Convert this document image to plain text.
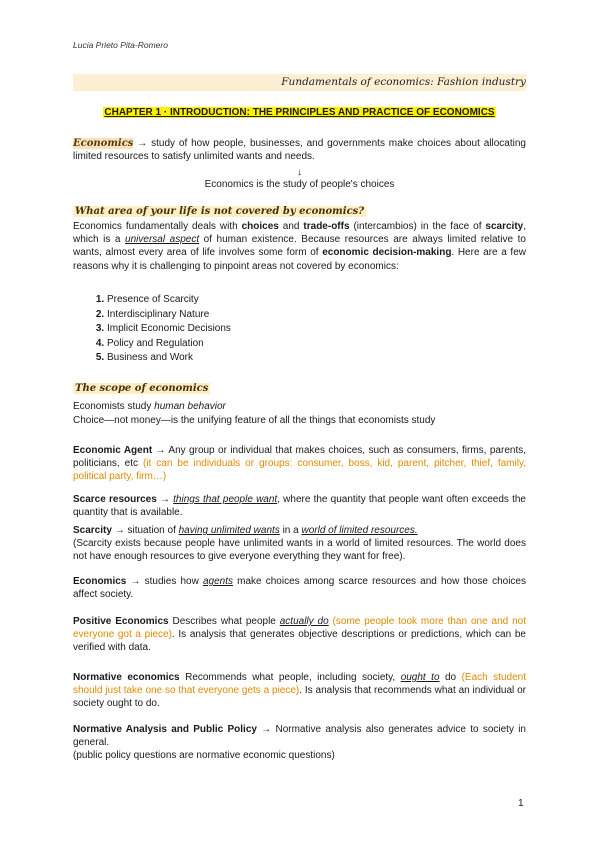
Lucia Prieto Pita-Romero
Fundamentals of economics: Fashion industry
CHAPTER 1 · INTRODUCTION: THE PRINCIPLES AND PRACTICE OF ECONOMICS
Economics → study of how people, businesses, and governments make choices about allocating limited resources to satisfy unlimited wants and needs.
↓
Economics is the study of people's choices
What area of your life is not covered by economics?
Economics fundamentally deals with choices and trade-offs (intercambios) in the face of scarcity, which is a universal aspect of human existence. Because resources are always limited relative to wants, almost every area of life involves some form of economic decision-making. Here are a few reasons why it is challenging to pinpoint areas not covered by economics:
1. Presence of Scarcity
2. Interdisciplinary Nature
3. Implicit Economic Decisions
4. Policy and Regulation
5. Business and Work
The scope of economics
Economists study human behavior
Choice—not money—is the unifying feature of all the things that economists study
Economic Agent → Any group or individual that makes choices, such as consumers, firms, parents, politicians, etc (it can be individuals or groups: consumer, boss, kid, parent, pitcher, thief, family, political party, firm…)
Scarce resources → things that people want, where the quantity that people want often exceeds the quantity that is available.
Scarcity → situation of having unlimited wants in a world of limited resources.
(Scarcity exists because people have unlimited wants in a world of limited resources. The world does not have enough resources to give everyone everything they want for free).
Economics → studies how agents make choices among scarce resources and how those choices affect society.
Positive Economics Describes what people actually do (some people took more than one and not everyone got a piece). Is analysis that generates objective descriptions or predictions, which can be verified with data.
Normative economics Recommends what people, including society, ought to do (Each student should just take one so that everyone gets a piece). Is analysis that recommends what an individual or society ought to do.
Normative Analysis and Public Policy → Normative analysis also generates advice to society in general.
(public policy questions are normative economic questions)
1
